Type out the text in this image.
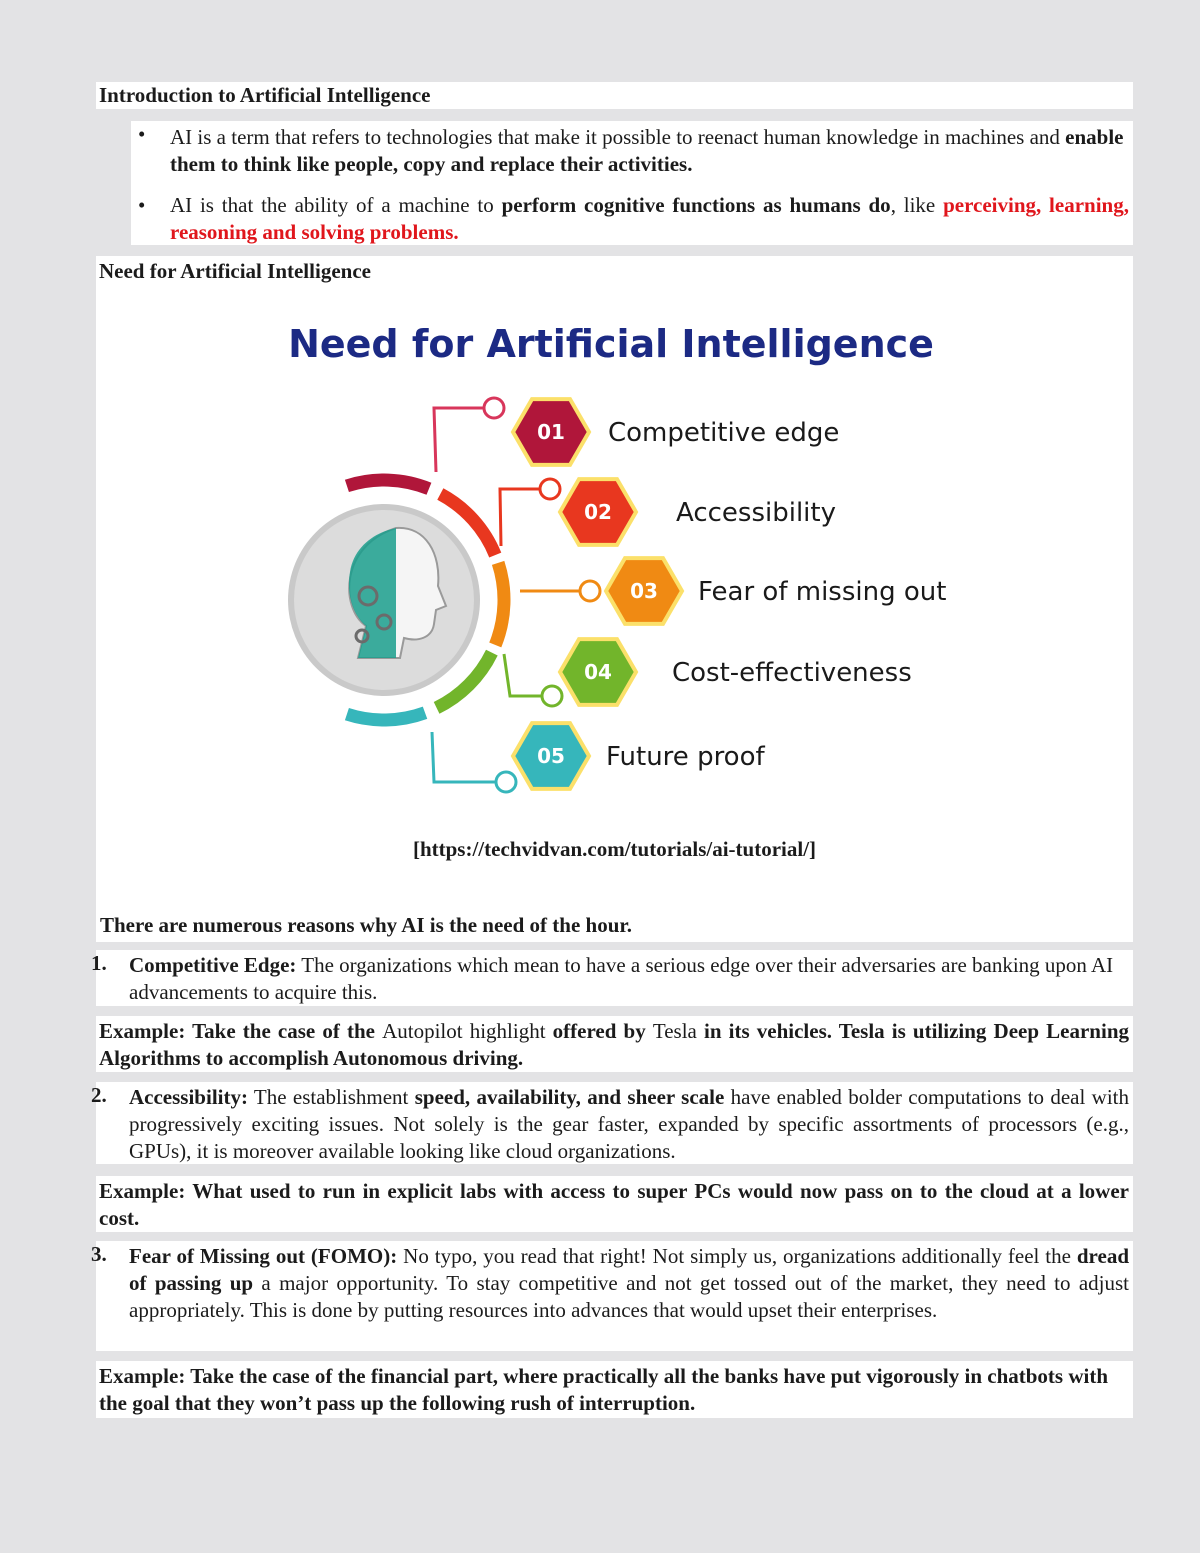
Introduction to Artificial Intelligence
• AI is a term that refers to technologies that make it possible to reenact human knowledge in machines and enable them to think like people, copy and replace their activities.
• AI is that the ability of a machine to perform cognitive functions as humans do, like perceiving, learning, reasoning and solving problems.
Need for Artificial Intelligence
Need for Artificial Intelligence
01 Competitive edge
02 Accessibility
03 Fear of missing out
04 Cost-effectiveness
05 Future proof
[https://techvidvan.com/tutorials/ai-tutorial/]
There are numerous reasons why AI is the need of the hour.
1. Competitive Edge: The organizations which mean to have a serious edge over their adversaries are banking upon AI advancements to acquire this.
Example: Take the case of the Autopilot highlight offered by Tesla in its vehicles. Tesla is utilizing Deep Learning Algorithms to accomplish Autonomous driving.
2. Accessibility: The establishment speed, availability, and sheer scale have enabled bolder computations to deal with progressively exciting issues. Not solely is the gear faster, expanded by specific assortments of processors (e.g., GPUs), it is moreover available looking like cloud organizations.
Example: What used to run in explicit labs with access to super PCs would now pass on to the cloud at a lower cost.
3. Fear of Missing out (FOMO): No typo, you read that right! Not simply us, organizations additionally feel the dread of passing up a major opportunity. To stay competitive and not get tossed out of the market, they need to adjust appropriately. This is done by putting resources into advances that would upset their enterprises.
Example: Take the case of the financial part, where practically all the banks have put vigorously in chatbots with the goal that they won’t pass up the following rush of interruption.
